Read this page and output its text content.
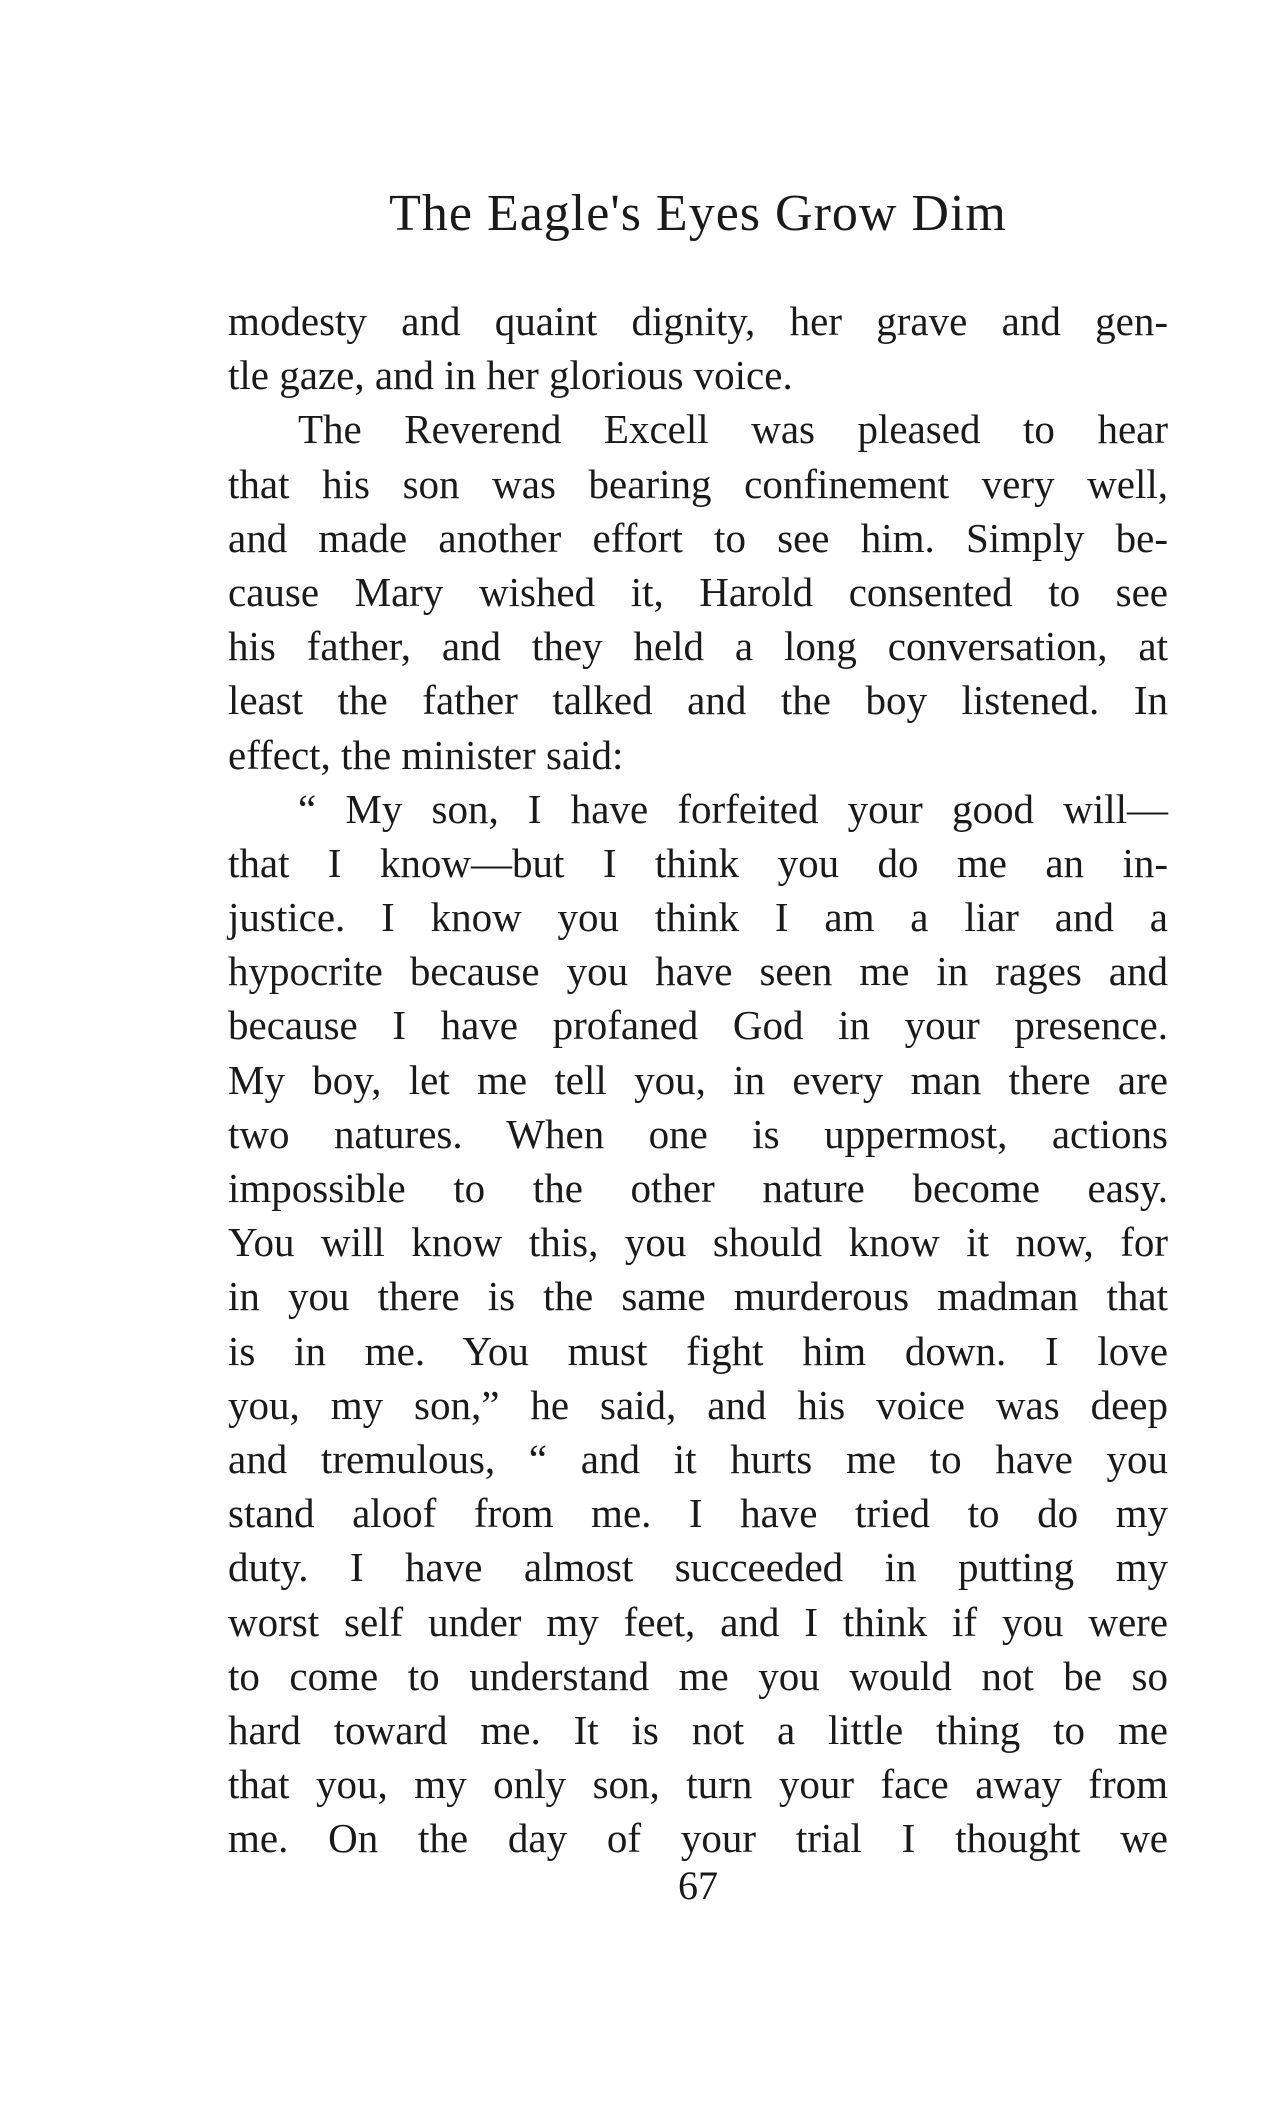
The Eagle's Eyes Grow Dim
modesty and quaint dignity, her grave and gen-
tle gaze, and in her glorious voice.
The Reverend Excell was pleased to hear
that his son was bearing confinement very well,
and made another effort to see him. Simply be-
cause Mary wished it, Harold consented to see
his father, and they held a long conversation, at
least the father talked and the boy listened. In
effect, the minister said:
“ My son, I have forfeited your good will—
that I know—but I think you do me an in-
justice. I know you think I am a liar and a
hypocrite because you have seen me in rages and
because I have profaned God in your presence.
My boy, let me tell you, in every man there are
two natures. When one is uppermost, actions
impossible to the other nature become easy.
You will know this, you should know it now, for
in you there is the same murderous madman that
is in me. You must fight him down. I love
you, my son,” he said, and his voice was deep
and tremulous, “ and it hurts me to have you
stand aloof from me. I have tried to do my
duty. I have almost succeeded in putting my
worst self under my feet, and I think if you were
to come to understand me you would not be so
hard toward me. It is not a little thing to me
that you, my only son, turn your face away from
me. On the day of your trial I thought we
67
